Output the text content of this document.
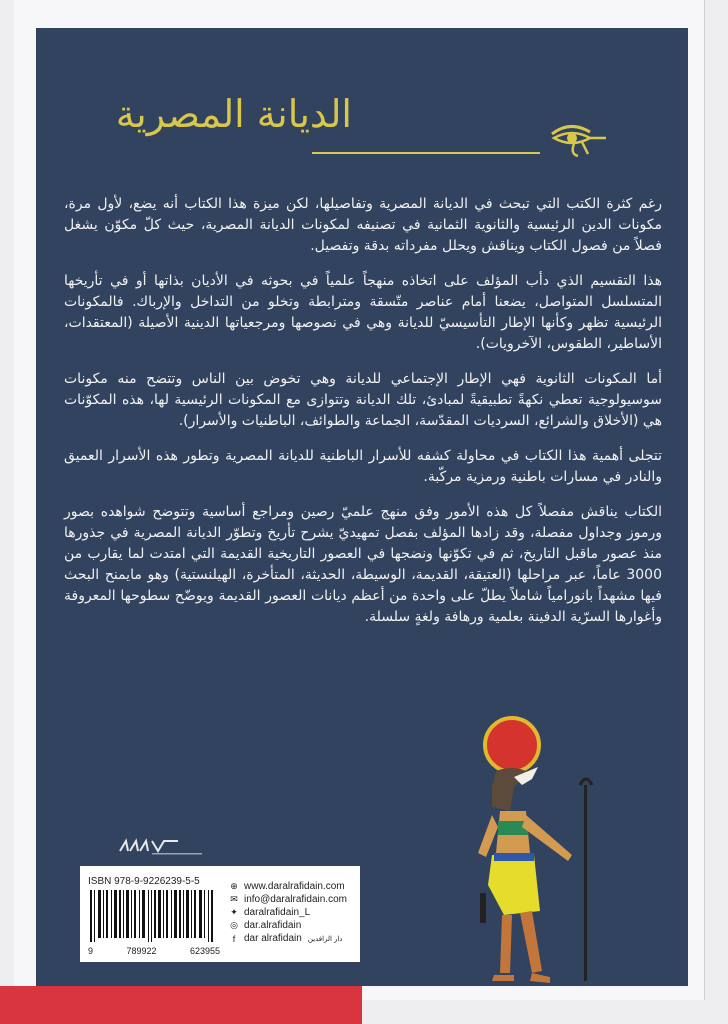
الديانة المصرية

رغم كثرة الكتب التي تبحث في الديانة المصرية وتفاصيلها، لكن ميزة هذا الكتاب أنه يضع، لأول مرة، مكونات الدين الرئيسية والثانوية الثمانية في تصنيفه لمكونات الديانة المصرية، حيث كلّ مكوّن يشغل فصلاً من فصول الكتاب ويناقش ويحلل مفرداته بدقة وتفصيل.

هذا التقسيم الذي دأب المؤلف على اتخاذه منهجاً علمياً في بحوثه في الأديان بذاتها أو في تأريخها المتسلسل المتواصل، يضعنا أمام عناصر متّسقة ومترابطة وتخلو من التداخل والإرباك. فالمكونات الرئيسية تظهر وكأنها الإطار التأسيسيّ للديانة وهي في نصوصها ومرجعياتها الدينية الأصيلة (المعتقدات، الأساطير، الطقوس، الآخرويات).

أما المكونات الثانوية فهي الإطار الإجتماعي للديانة وهي تخوض بين الناس وتتضح منه مكونات سوسيولوجية تعطي نكهةً تطبيقيةً لمبادئ، تلك الديانة وتتوازى مع المكونات الرئيسية لها، هذه المكوّنات هي (الأخلاق والشرائع، السرديات المقدّسة، الجماعة والطوائف، الباطنيات والأسرار).

تتجلى أهمية هذا الكتاب في محاولة كشفه للأسرار الباطنية للديانة المصرية وتطور هذه الأسرار العميق والنادر في مسارات باطنية ورمزية مركّبة.

الكتاب يناقش مفصلاً كل هذه الأمور وفق منهج علميّ رصين ومراجع أساسية وتتوضح شواهده بصور ورموز وجداول مفصلة، وقد زادها المؤلف بفصل تمهيديّ يشرح تأريخ وتطوّر الديانة المصرية في جذورها منذ عصور ماقبل التاريخ، ثم في تكوّنها ونضجها في العصور التاريخية القديمة التي امتدت لما يقارب من 3000 عاماً، عبر مراحلها (العتيقة، القديمة، الوسيطة، الحديثة، المتأخرة، الهيلنستية) وهو مايمنح البحث فيها مشهداً بانورامياً شاملاً يطلّ على واحدة من أعظم ديانات العصور القديمة ويوضّح سطوحها المعروفة وأغوارها السرّية الدفينة بعلمية ورهافة ولغةٍ سلسلة.

ISBN 978-9-9226239-5-5
9	789922	623955
⊕ www.daralrafidain.com
✉ info@daralrafidain.com
✦ daralrafidain_L
◎ dar.alrafidain
f dar alrafidain دار الرافدين
